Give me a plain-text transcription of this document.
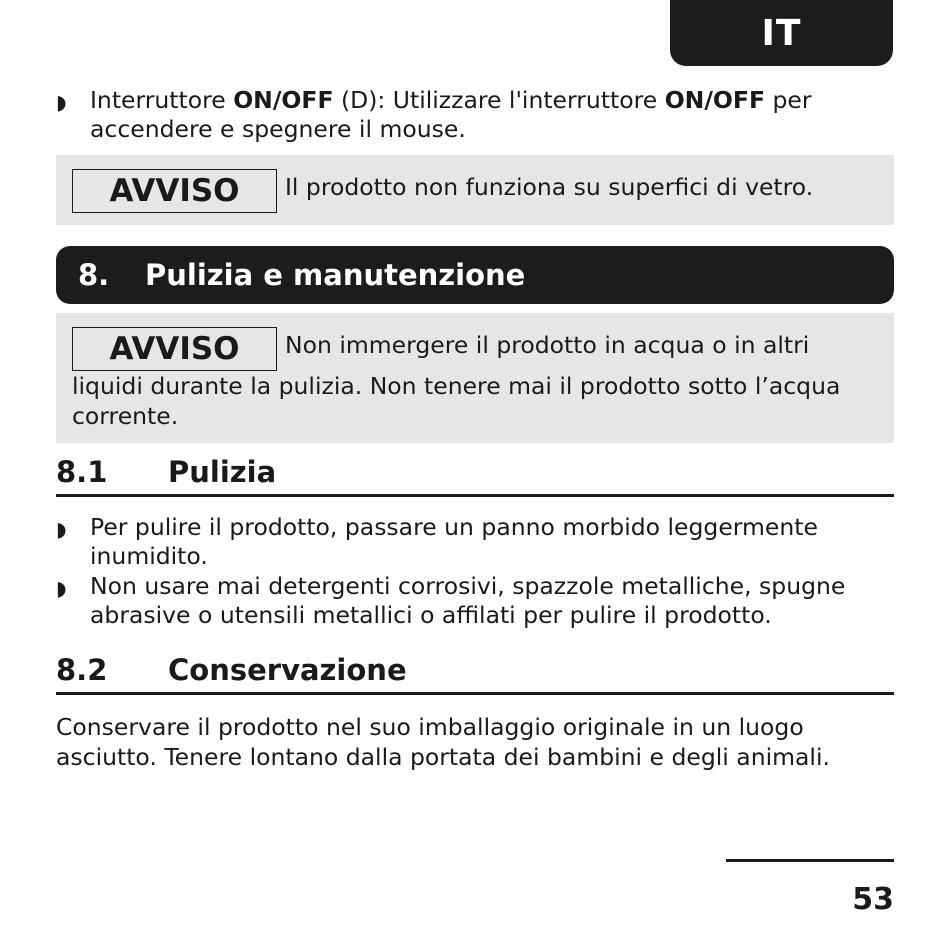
IT
◗ Interruttore ON/OFF (D): Utilizzare l'interruttore ON/OFF per accendere e spegnere il mouse.
AVVISO Il prodotto non funziona su superfici di vetro.
8.	Pulizia e manutenzione
AVVISO Non immergere il prodotto in acqua o in altri liquidi durante la pulizia. Non tenere mai il prodotto sotto l’acqua corrente.
8.1	Pulizia
◗ Per pulire il prodotto, passare un panno morbido leggermente inumidito.
◗ Non usare mai detergenti corrosivi, spazzole metalliche, spugne abrasive o utensili metallici o affilati per pulire il prodotto.
8.2	Conservazione
Conservare il prodotto nel suo imballaggio originale in un luogo asciutto. Tenere lontano dalla portata dei bambini e degli animali.
53
